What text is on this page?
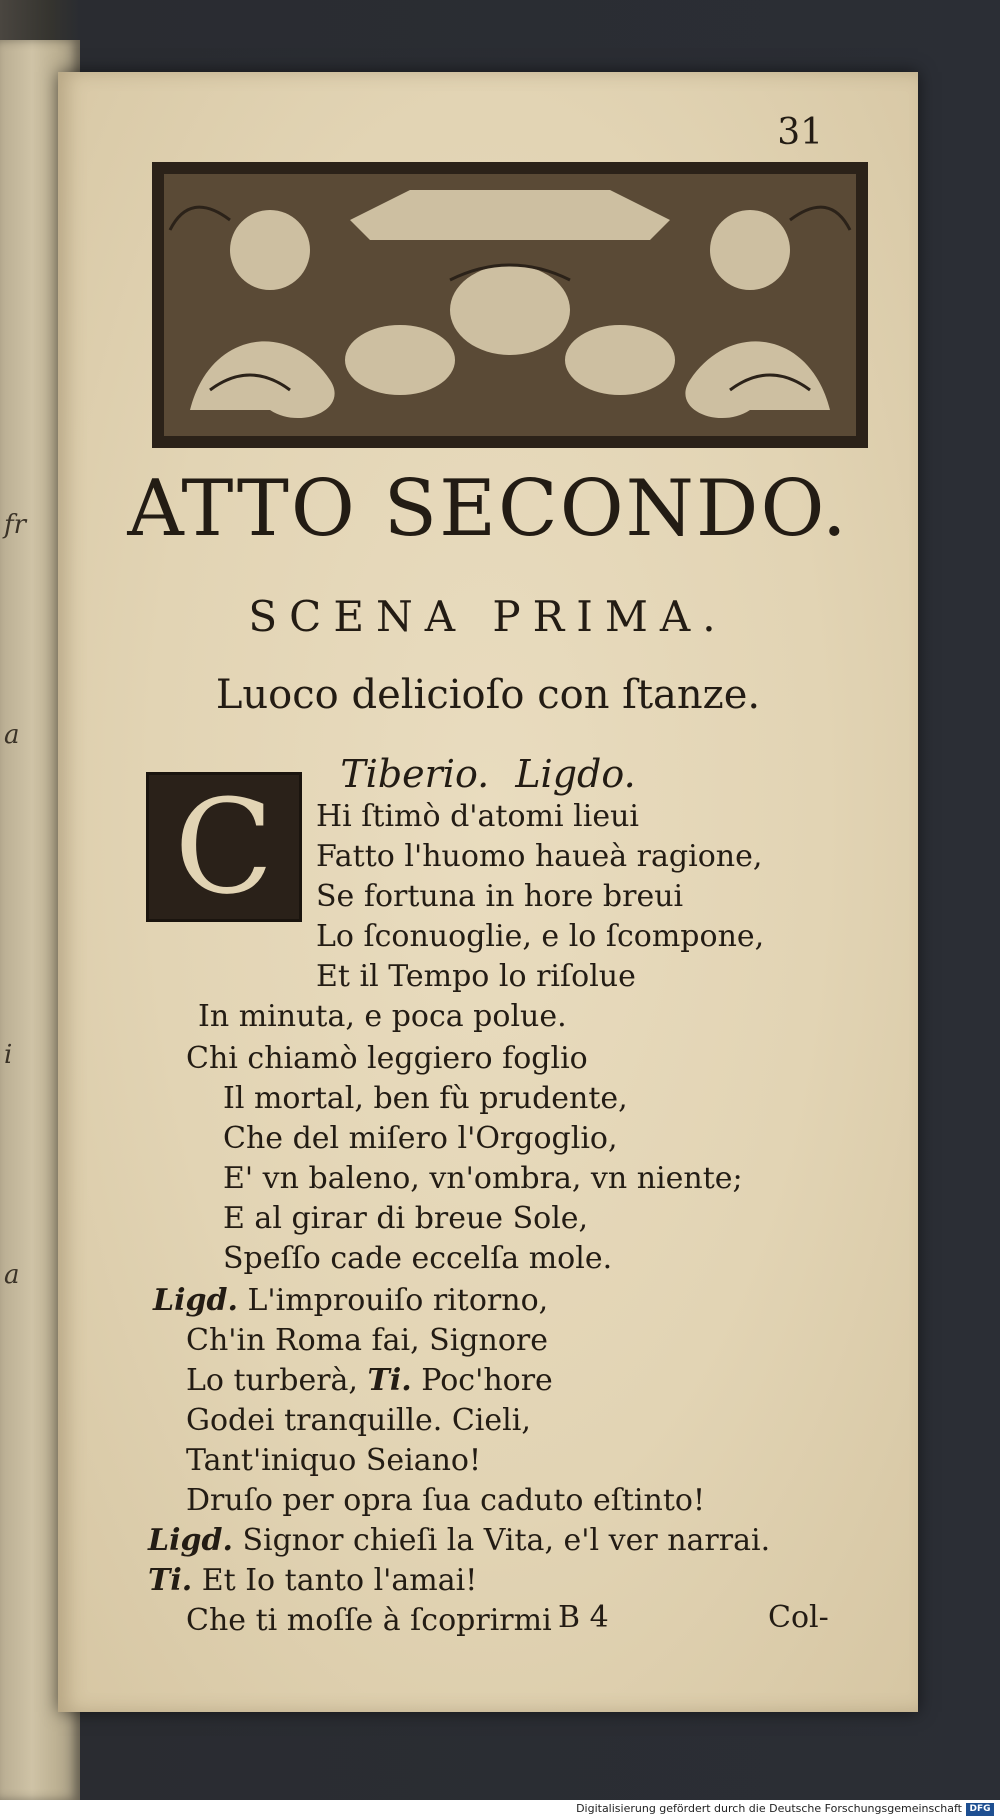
fr
a
i
a
31
ATTO SECONDO.
SCENA PRIMA.
Luoco delicioſo con ſtanze.
Tiberio. Ligdo.
C	Hi ſtimò d'atomi lieui
Fatto l'huomo haueà ragione,
Se fortuna in hore breui
Lo ſconuoglie, e lo ſcompone,
Et il Tempo lo riſolue
In minuta, e poca polue.
Chi chiamò leggiero foglio
Il mortal, ben fù prudente,
Che del miſero l'Orgoglio,
E' vn baleno, vn'ombra, vn niente;
E al girar di breue Sole,
Speſſo cade eccelſa mole.
Ligd. L'improuiſo ritorno,
Ch'in Roma fai, Signore
Lo turberà, Ti. Poc'hore
Godei tranquille. Cieli,
Tant'iniquo Seiano!
Druſo per opra ſua caduto eſtinto!
Ligd. Signor chieſi la Vita, e'l ver narrai.
Ti. Et Io tanto l'amai!
Che ti moſſe à ſcoprirmi B 4	Col-
Digitalisierung gefördert durch die Deutsche Forschungsgemeinschaft DFG
